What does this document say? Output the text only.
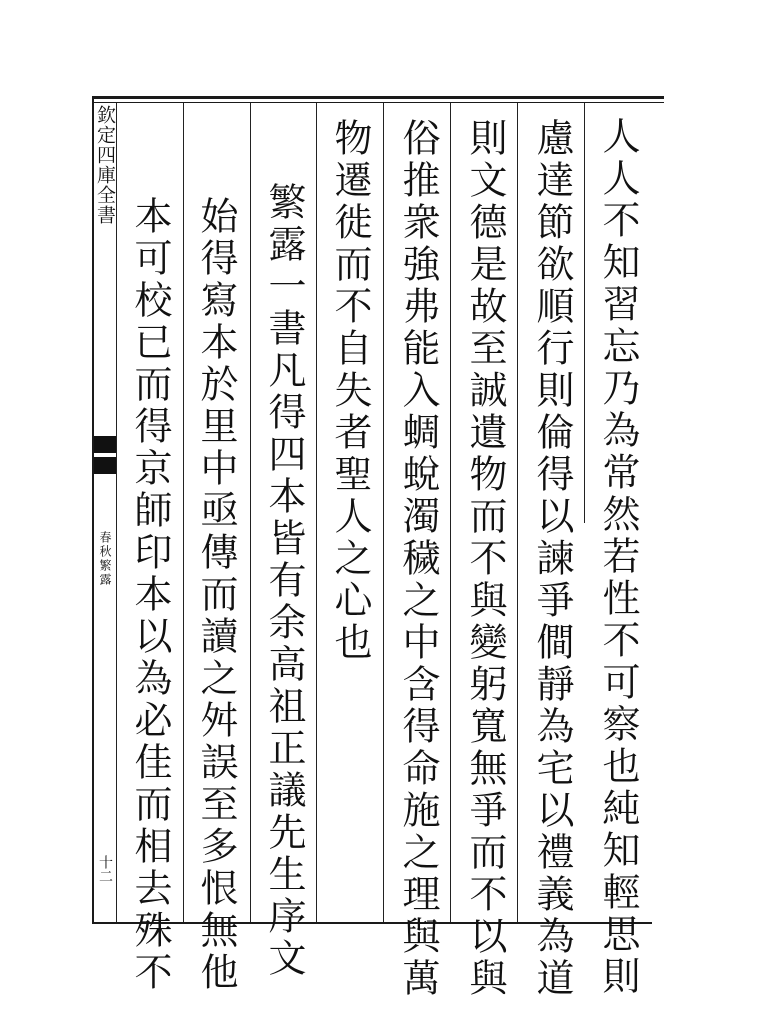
欽定四庫全書
春秋繁露
十二	人人不知習忘乃為常然若性不可察也純知輕思則
慮達節欲順行則倫得以諫爭僴靜為宅以禮義為道
則文德是故至誠遺物而不與變躬寬無爭而不以與
俗推衆強弗能入蜩蛻濁穢之中含得命施之理與萬
物遷徙而不自失者聖人之心也
繁露一書凡得四本皆有余高祖正議先生序文
始得寫本於里中亟傳而讀之舛誤至多恨無他
本可校已而得京師印本以為必佳而相去殊不
